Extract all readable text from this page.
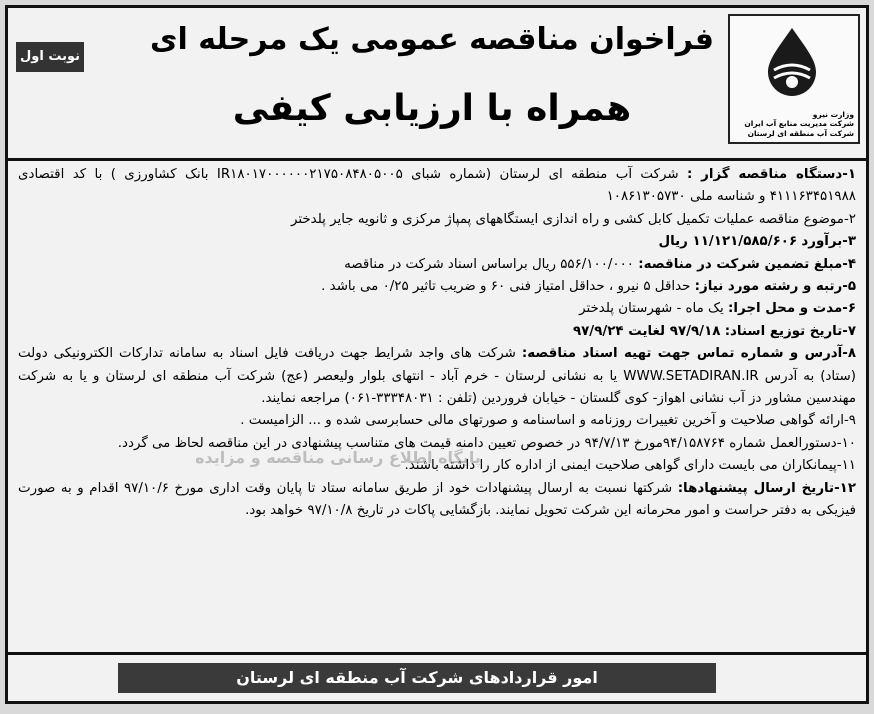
وزارت نیرو
شرکت مدیریت منابع آب ایران
شرکت آب منطقه ای لرستان
فراخوان مناقصه عمومی یک مرحله ای
همراه با ارزیابی کیفی
نوبت اول

۱-دستگاه مناقصه گزار : شرکت آب منطقه ای لرستان (شماره شبای IR۱۸۰۱۷۰۰۰۰۰۰۲۱۷۵۰۸۴۸۰۵۰۰۵ بانک کشاورزی ) با کد اقتصادی ۴۱۱۱۶۳۴۵۱۹۸۸ و شناسه ملی ۱۰۸۶۱۳۰۵۷۳۰

۲-موضوع مناقصه عملیات تکمیل کابل کشی و راه اندازی ایستگاههای پمپاژ مرکزی و ثانویه جایر پلدختر

۳-برآورد ۱۱/۱۲۱/۵۸۵/۶۰۶ ریال

۴-مبلغ تضمین شرکت در مناقصه: ۵۵۶/۱۰۰/۰۰۰ ریال براساس اسناد شرکت در مناقصه

۵-رتبه و رشته مورد نیاز: حداقل ۵ نیرو ، حداقل امتیاز فنی ۶۰ و ضریب تاثیر ۰/۲۵ می باشد .

۶-مدت و محل اجرا: یک ماه - شهرستان پلدختر

۷-تاریخ توزیع اسناد: ۹۷/۹/۱۸ لغایت ۹۷/۹/۲۴

۸-آدرس و شماره تماس جهت تهیه اسناد مناقصه: شرکت های واجد شرایط جهت دریافت فایل اسناد به سامانه تدارکات الکترونیکی دولت (ستاد) به آدرس WWW.SETADIRAN.IR یا به نشانی لرستان - خرم آباد - انتهای بلوار ولیعصر (عج) شرکت آب منطقه ای لرستان و یا به شرکت مهندسین مشاور دز آب نشانی اهواز- کوی گلستان - خیابان فروردین (تلفن : ۳۳۳۴۸۰۳۱-۰۶۱) مراجعه نمایند.

۹-ارائه گواهی صلاحیت و آخرین تغییرات روزنامه و اساسنامه و صورتهای مالی حسابرسی شده و ... الزامیست .

۱۰-دستورالعمل شماره ۹۴/۱۵۸۷۶۴مورخ ۹۴/۷/۱۳ در خصوص تعیین دامنه قیمت های متناسب پیشنهادی در این مناقصه لحاظ می گردد.

۱۱-پیمانکاران می بایست دارای گواهی صلاحیت ایمنی از اداره کار را داشته باشند.

۱۲-تاریخ ارسال پیشنهادها: شرکتها نسبت به ارسال پیشنهادات خود از طریق سامانه ستاد تا پایان وقت اداری مورخ ۹۷/۱۰/۶ اقدام و به صورت فیزیکی به دفتر حراست و امور محرمانه این شرکت تحویل نمایند. بازگشایی پاکات در تاریخ ۹۷/۱۰/۸ خواهد بود.

پایگاه اطلاع رسانی مناقصه و مزایده
امور قراردادهای شرکت آب منطقه ای لرستان
